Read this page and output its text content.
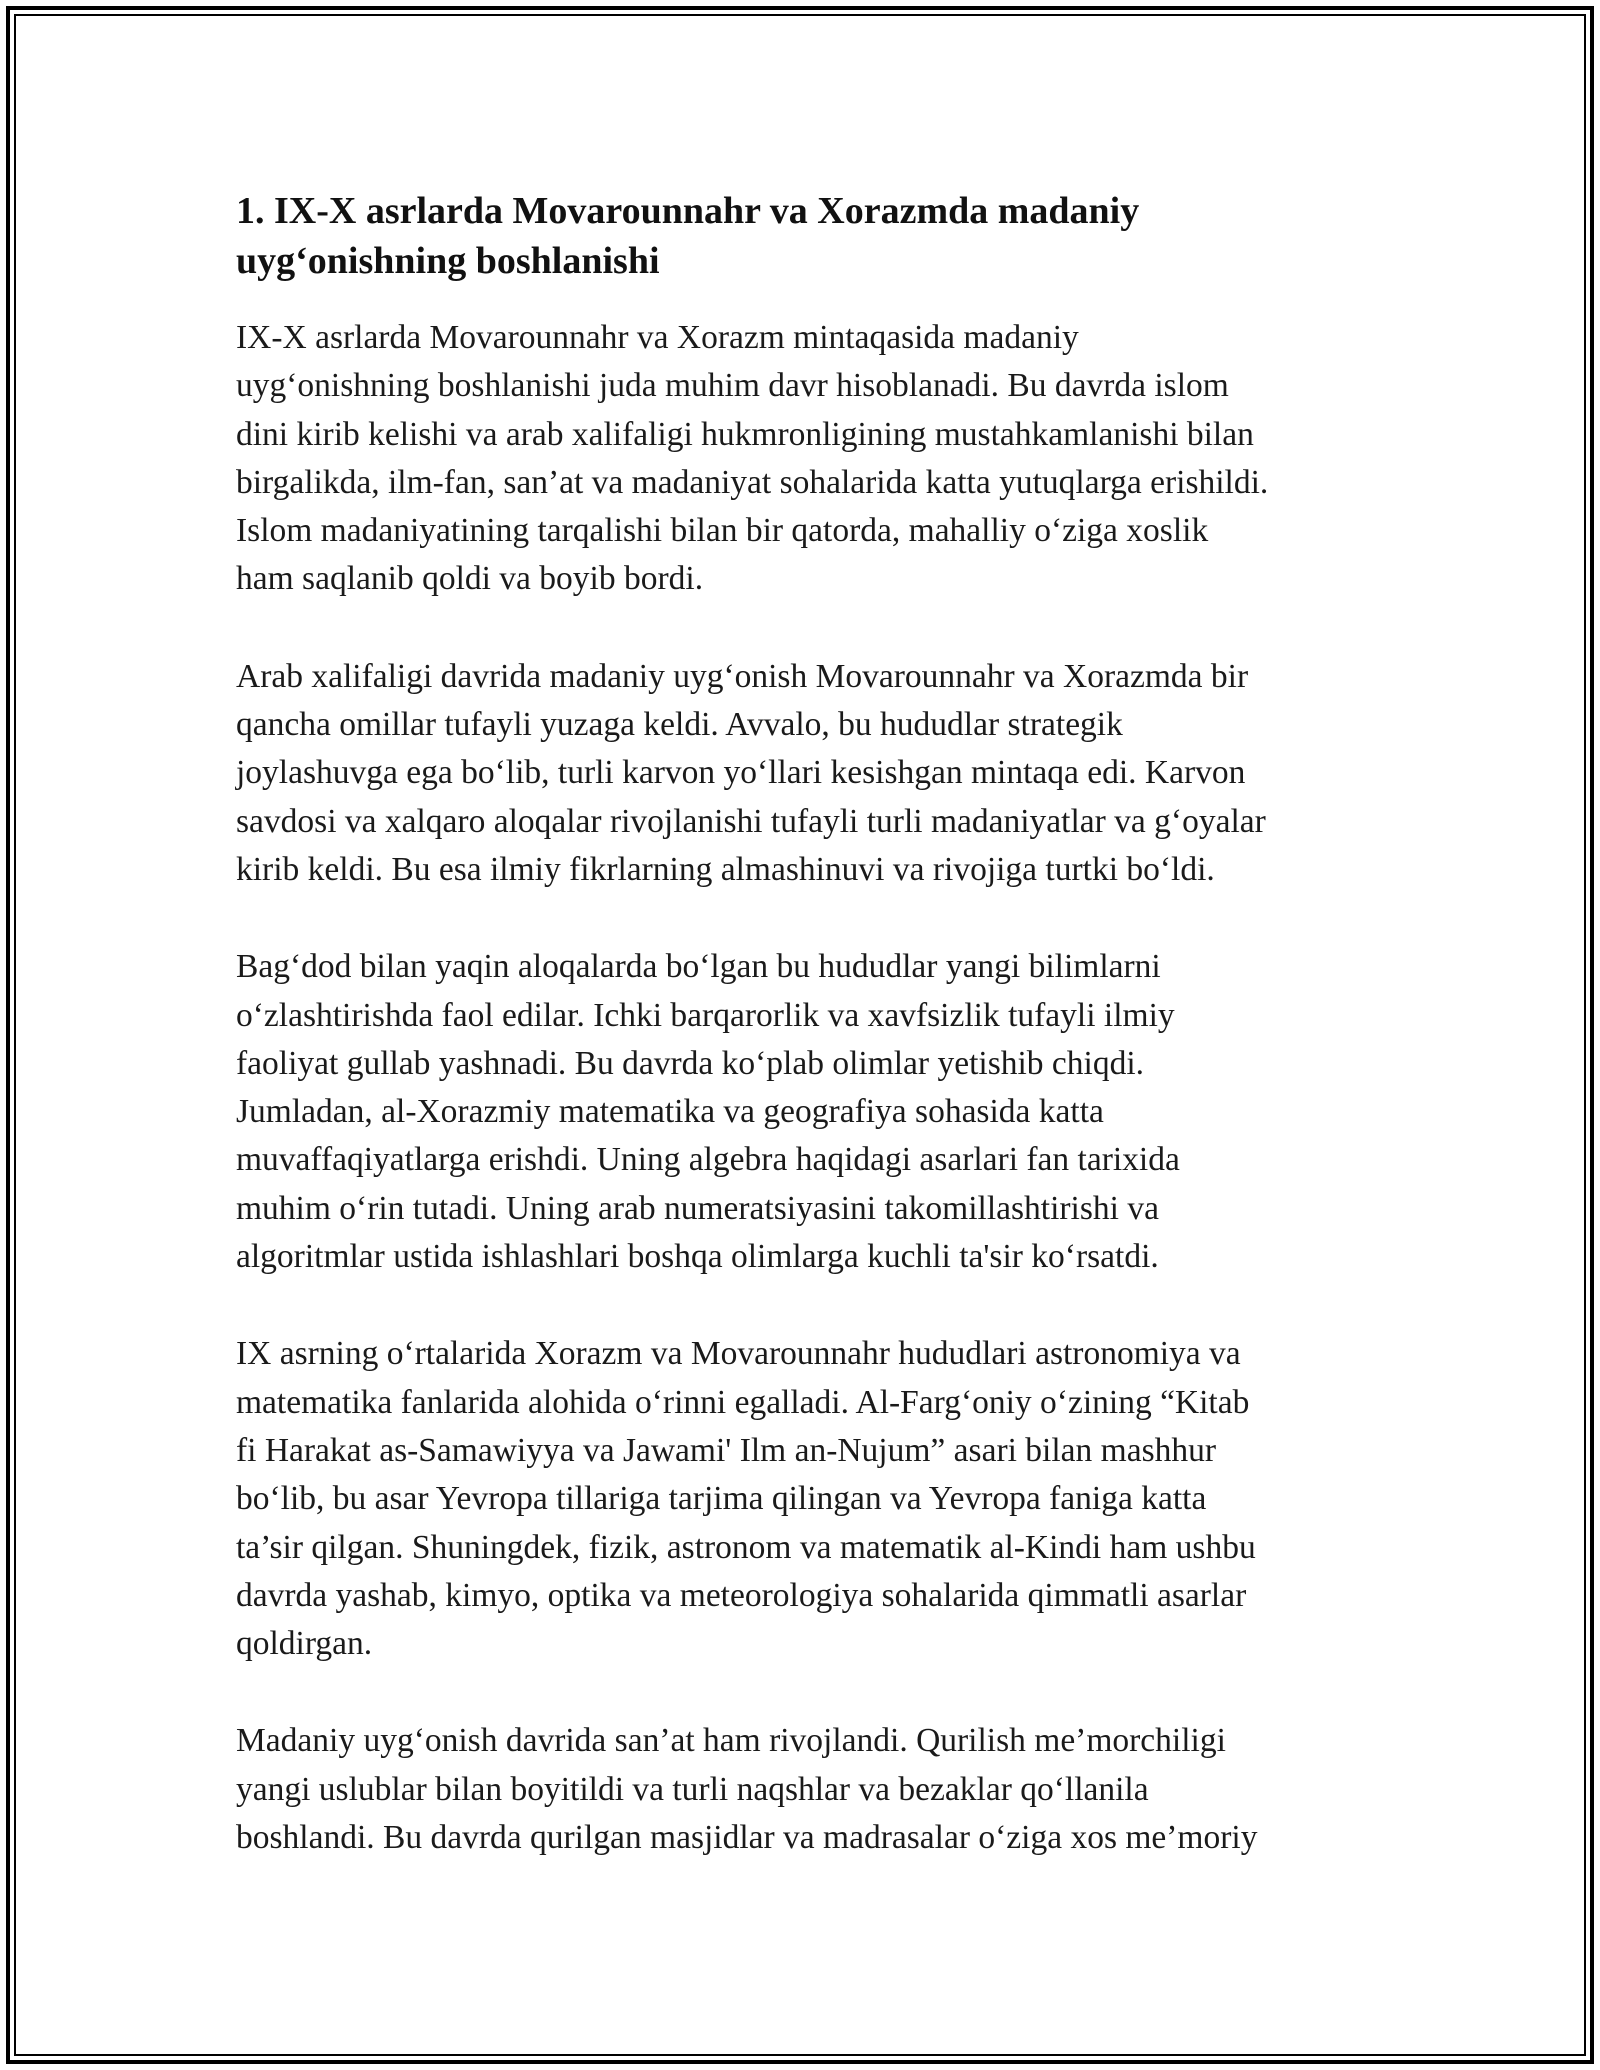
1. IX-X asrlarda Movarounnahr va Xorazmda madaniy
uyg‘onishning boshlanishi

IX-X asrlarda Movarounnahr va Xorazm mintaqasida madaniy
uyg‘onishning boshlanishi juda muhim davr hisoblanadi. Bu davrda islom
dini kirib kelishi va arab xalifaligi hukmronligining mustahkamlanishi bilan
birgalikda, ilm-fan, san’at va madaniyat sohalarida katta yutuqlarga erishildi.
Islom madaniyatining tarqalishi bilan bir qatorda, mahalliy o‘ziga xoslik
ham saqlanib qoldi va boyib bordi.

Arab xalifaligi davrida madaniy uyg‘onish Movarounnahr va Xorazmda bir
qancha omillar tufayli yuzaga keldi. Avvalo, bu hududlar strategik
joylashuvga ega bo‘lib, turli karvon yo‘llari kesishgan mintaqa edi. Karvon
savdosi va xalqaro aloqalar rivojlanishi tufayli turli madaniyatlar va g‘oyalar
kirib keldi. Bu esa ilmiy fikrlarning almashinuvi va rivojiga turtki bo‘ldi.

Bag‘dod bilan yaqin aloqalarda bo‘lgan bu hududlar yangi bilimlarni
o‘zlashtirishda faol edilar. Ichki barqarorlik va xavfsizlik tufayli ilmiy
faoliyat gullab yashnadi. Bu davrda ko‘plab olimlar yetishib chiqdi.
Jumladan, al-Xorazmiy matematika va geografiya sohasida katta
muvaffaqiyatlarga erishdi. Uning algebra haqidagi asarlari fan tarixida
muhim o‘rin tutadi. Uning arab numeratsiyasini takomillashtirishi va
algoritmlar ustida ishlashlari boshqa olimlarga kuchli ta'sir ko‘rsatdi.

IX asrning o‘rtalarida Xorazm va Movarounnahr hududlari astronomiya va
matematika fanlarida alohida o‘rinni egalladi. Al-Farg‘oniy o‘zining “Kitab
fi Harakat as-Samawiyya va Jawami' Ilm an-Nujum” asari bilan mashhur
bo‘lib, bu asar Yevropa tillariga tarjima qilingan va Yevropa faniga katta
ta’sir qilgan. Shuningdek, fizik, astronom va matematik al-Kindi ham ushbu
davrda yashab, kimyo, optika va meteorologiya sohalarida qimmatli asarlar
qoldirgan.

Madaniy uyg‘onish davrida san’at ham rivojlandi. Qurilish me’morchiligi
yangi uslublar bilan boyitildi va turli naqshlar va bezaklar qo‘llanila
boshlandi. Bu davrda qurilgan masjidlar va madrasalar o‘ziga xos me’moriy
